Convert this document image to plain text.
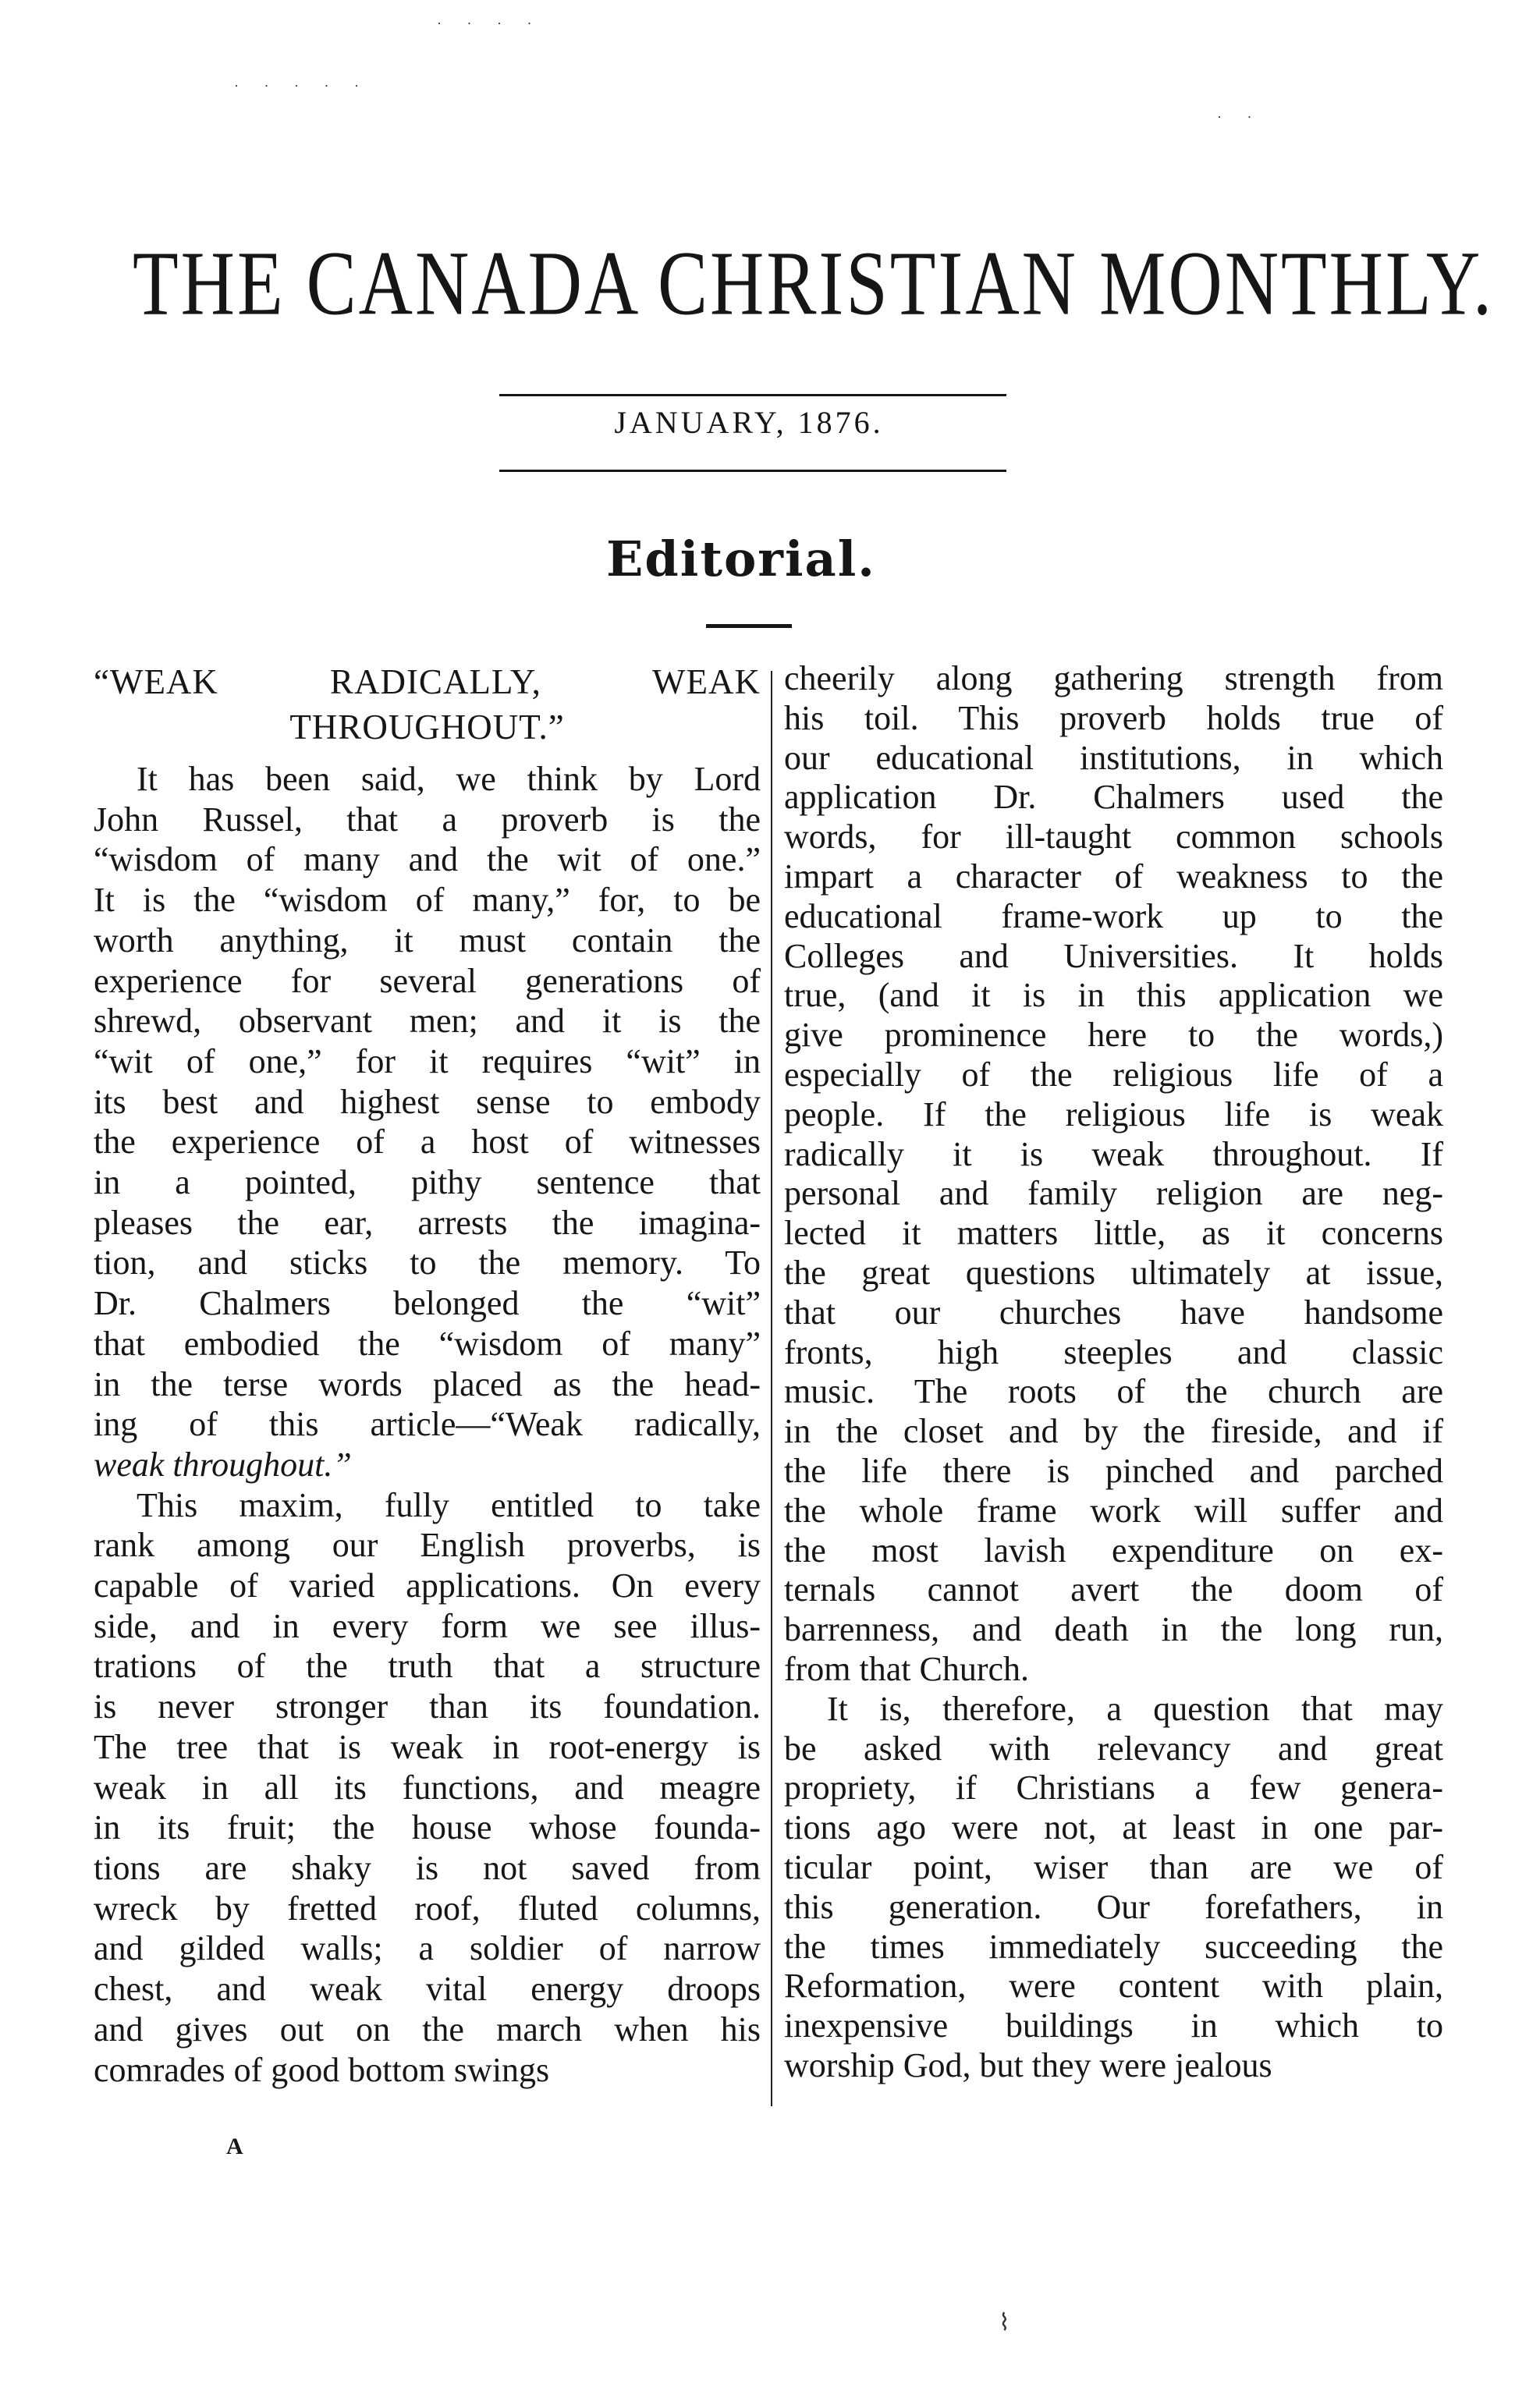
· · · ·
· · · · ·
· ·
THE CANADA CHRISTIAN MONTHLY.
JANUARY, 1876.
Editorial.
“WEAK RADICALLY, WEAK
THROUGHOUT.”
It has been said, we think by Lord
John Russel, that a proverb is the
“wisdom of many and the wit of one.”
It is the “wisdom of many,” for, to be
worth anything, it must contain the
experience for several generations of
shrewd, observant men; and it is the
“wit of one,” for it requires “wit” in
its best and highest sense to embody
the experience of a host of witnesses
in a pointed, pithy sentence that
pleases the ear, arrests the imagina-
tion, and sticks to the memory. To
Dr. Chalmers belonged the “wit”
that embodied the “wisdom of many”
in the terse words placed as the head-
ing of this article—“Weak radically,
weak throughout.”
This maxim, fully entitled to take
rank among our English proverbs, is
capable of varied applications. On every
side, and in every form we see illus-
trations of the truth that a structure
is never stronger than its foundation.
The tree that is weak in root-energy is
weak in all its functions, and meagre
in its fruit; the house whose founda-
tions are shaky is not saved from
wreck by fretted roof, fluted columns,
and gilded walls; a soldier of narrow
chest, and weak vital energy droops
and gives out on the march when his
comrades of good bottom swings
cheerily along gathering strength from
his toil. This proverb holds true of
our educational institutions, in which
application Dr. Chalmers used the
words, for ill-taught common schools
impart a character of weakness to the
educational frame-work up to the
Colleges and Universities. It holds
true, (and it is in this application we
give prominence here to the words,)
especially of the religious life of a
people. If the religious life is weak
radically it is weak throughout. If
personal and family religion are neg-
lected it matters little, as it concerns
the great questions ultimately at issue,
that our churches have handsome
fronts, high steeples and classic
music. The roots of the church are
in the closet and by the fireside, and if
the life there is pinched and parched
the whole frame work will suffer and
the most lavish expenditure on ex-
ternals cannot avert the doom of
barrenness, and death in the long run,
from that Church.
It is, therefore, a question that may
be asked with relevancy and great
propriety, if Christians a few genera-
tions ago were not, at least in one par-
ticular point, wiser than are we of
this generation. Our forefathers, in
the times immediately succeeding the
Reformation, were content with plain,
inexpensive buildings in which to
worship God, but they were jealous
A
⌇
